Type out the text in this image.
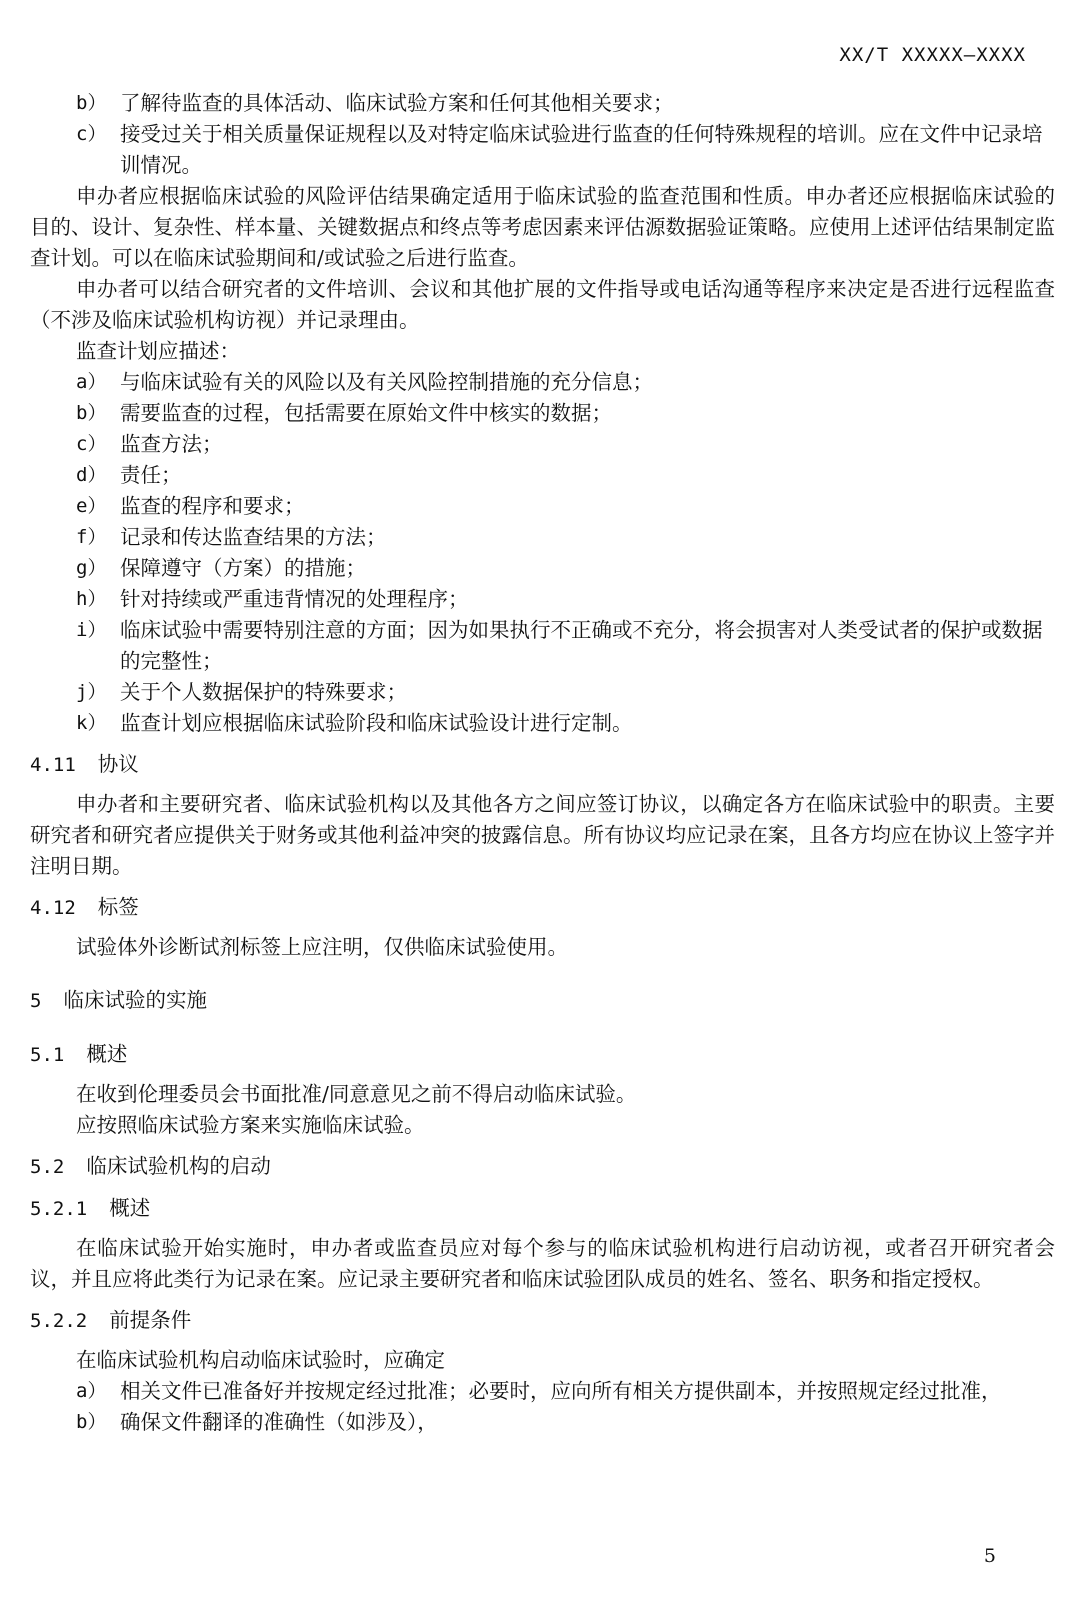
XX/T XXXXX—XXXX
b） 了解待监查的具体活动、临床试验方案和任何其他相关要求；
c） 接受过关于相关质量保证规程以及对特定临床试验进行监查的任何特殊规程的培训。应在文件中记录培训情况。
申办者应根据临床试验的风险评估结果确定适用于临床试验的监查范围和性质。申办者还应根据临床试验的目的、设计、复杂性、样本量、关键数据点和终点等考虑因素来评估源数据验证策略。应使用上述评估结果制定监查计划。可以在临床试验期间和/或试验之后进行监查。
申办者可以结合研究者的文件培训、会议和其他扩展的文件指导或电话沟通等程序来决定是否进行远程监查（不涉及临床试验机构访视）并记录理由。
监查计划应描述：
a） 与临床试验有关的风险以及有关风险控制措施的充分信息；
b） 需要监查的过程，包括需要在原始文件中核实的数据；
c） 监查方法；
d） 责任；
e） 监查的程序和要求；
f） 记录和传达监查结果的方法；
g） 保障遵守（方案）的措施；
h） 针对持续或严重违背情况的处理程序；
i） 临床试验中需要特别注意的方面；因为如果执行不正确或不充分，将会损害对人类受试者的保护或数据的完整性；
j） 关于个人数据保护的特殊要求；
k） 监查计划应根据临床试验阶段和临床试验设计进行定制。
4.11 协议
申办者和主要研究者、临床试验机构以及其他各方之间应签订协议，以确定各方在临床试验中的职责。主要研究者和研究者应提供关于财务或其他利益冲突的披露信息。所有协议均应记录在案，且各方均应在协议上签字并注明日期。
4.12 标签
试验体外诊断试剂标签上应注明，仅供临床试验使用。
5 临床试验的实施
5.1 概述
在收到伦理委员会书面批准/同意意见之前不得启动临床试验。
应按照临床试验方案来实施临床试验。
5.2 临床试验机构的启动
5.2.1 概述
在临床试验开始实施时，申办者或监查员应对每个参与的临床试验机构进行启动访视，或者召开研究者会议，并且应将此类行为记录在案。应记录主要研究者和临床试验团队成员的姓名、签名、职务和指定授权。
5.2.2 前提条件
在临床试验机构启动临床试验时，应确定
a） 相关文件已准备好并按规定经过批准；必要时，应向所有相关方提供副本，并按照规定经过批准，
b） 确保文件翻译的准确性（如涉及），
5
